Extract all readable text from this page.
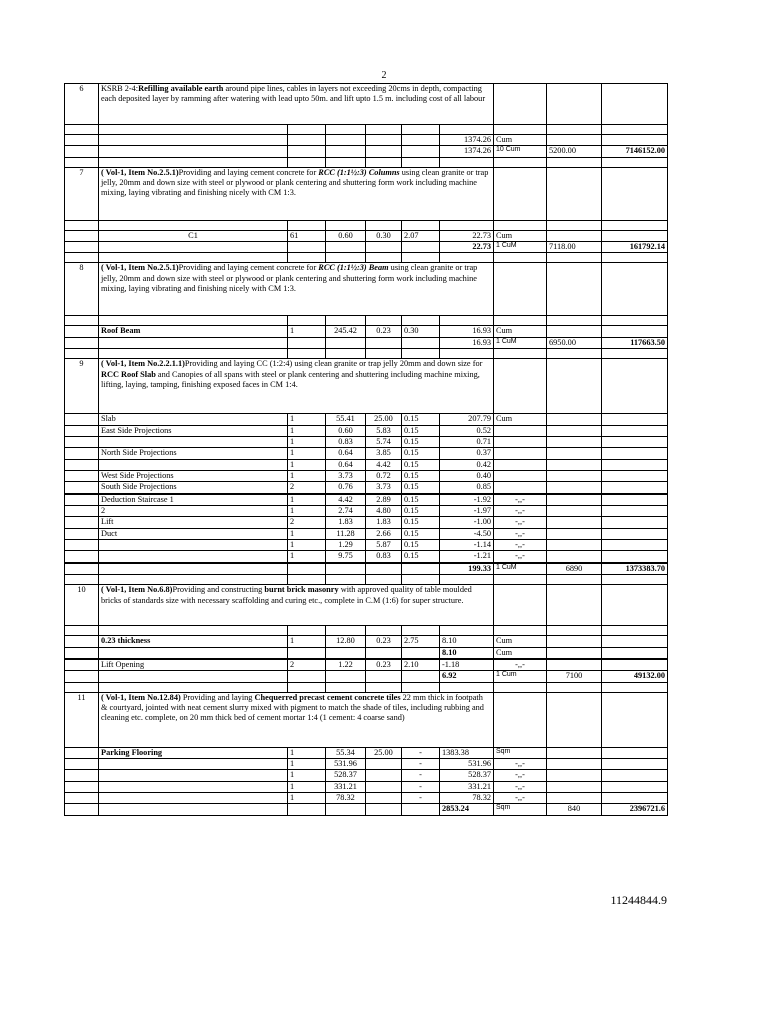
2
6	KSRB 2-4:Refilling available earth around pipe lines, cables in layers not exceeding 20cms in depth, compacting each deposited layer by ramming after watering with lead upto 50m. and lift upto 1.5 m. including cost of all labour								

						1374.26	Cum		
						1374.26	10 Cum	5200.00	7146152.00

7	( Vol-1, Item No.2.5.1)Providing and laying cement concrete for RCC (1:1½:3) Columns using clean granite or trap jelly, 20mm and down size with steel or plywood or plank centering and shuttering form work including machine mixing, laying vibrating and finishing nicely with CM 1:3.								

	C1	61	0.60	0.30	2.07	22.73	Cum		
						22.73	1 CuM	7118.00	161792.14

8	( Vol-1, Item No.2.5.1)Providing and laying cement concrete for RCC (1:1½:3) Beam using clean granite or trap jelly, 20mm and down size with steel or plywood or plank centering and shuttering form work including machine mixing, laying vibrating and finishing nicely with CM 1:3.								

	Roof Beam	1	245.42	0.23	0.30	16.93	Cum		
						16.93	1 CuM	6950.00	117663.50

9	( Vol-1, Item No.2.2.1.1)Providing and laying CC (1:2:4) using clean granite or trap jelly 20mm and down size for RCC Roof Slab and Canopies of all spans with steel or plank centering and shuttering including machine mixing, lifting, laying, tamping, finishing exposed faces in CM 1:4.								
	Slab	1	55.41	25.00	0.15	207.79	Cum		
	East Side Projections	1	0.60	5.83	0.15	0.52			
		1	0.83	5.74	0.15	0.71			
	North Side Projections	1	0.64	3.85	0.15	0.37			
		1	0.64	4.42	0.15	0.42			
	West Side Projections	1	3.73	0.72	0.15	0.40			
	South Side Projections	2	0.76	3.73	0.15	0.85			

	Deduction Staircase 1	1	4.42	2.89	0.15	-1.92	-,,-		
	2	1	2.74	4.80	0.15	-1.97	-,,-		
	Lift	2	1.83	1.83	0.15	-1.00	-,,-		
	Duct	1	11.28	2.66	0.15	-4.50	-,,-		
		1	1.29	5.87	0.15	-1.14	-,,-		
		1	9.75	0.83	0.15	-1.21	-,,-		
						199.33	1 CuM	6890	1373383.70

10	( Vol-1, Item No.6.8)Providing and constructing burnt brick masonry with approved quality of table moulded bricks of standards size with necessary scaffolding and curing etc., complete in C.M (1:6) for super structure.								

	0.23 thickness	1	12.80	0.23	2.75	8.10	Cum		
						8.10	Cum		

	Lift Opening	2	1.22	0.23	2.10	-1.18	-,,-		
						6.92	1 Cum	7100	49132.00

11	( Vol-1, Item No.12.84) Providing and laying Chequerred precast cement concrete tiles 22 mm thick in footpath & courtyard, jointed with neat cement slurry mixed with pigment to match the shade of tiles, including rubbing and cleaning etc. complete, on 20 mm thick bed of cement mortar 1:4 (1 cement: 4 coarse sand)								
	Parking Flooring	1	55.34	25.00	-	1383.38	Sqm		
		1	531.96		-	531.96	-,,-		
		1	528.37		-	528.37	-,,-		
		1	331.21		-	331.21	-,,-		
		1	78.32		-	78.32	-,,-		
						2853.24	Sqm	840	2396721.6
11244844.9
